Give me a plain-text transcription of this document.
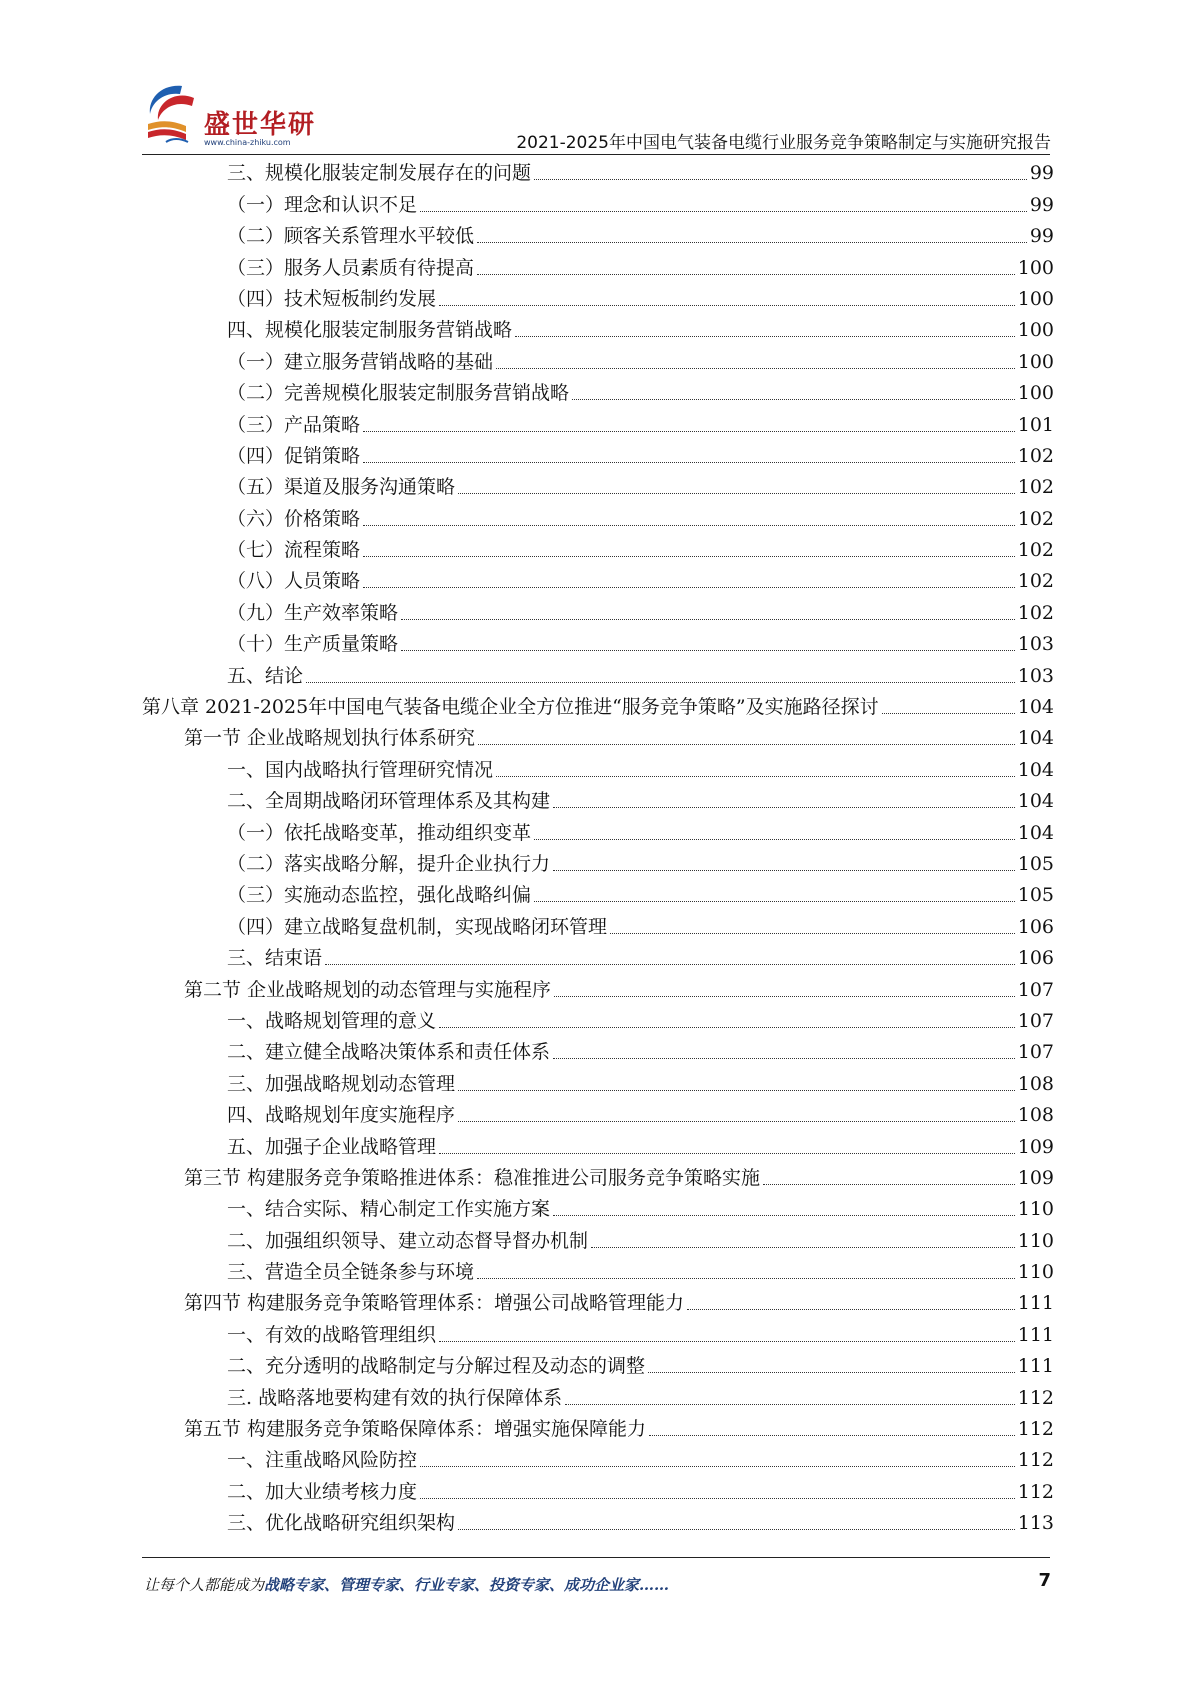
盛世华研
www.china-zhiku.com	2021-2025年中国电气装备电缆行业服务竞争策略制定与实施研究报告
三、规模化服装定制发展存在的问题	99
（一）理念和认识不足	99
（二）顾客关系管理水平较低	99
（三）服务人员素质有待提高	100
（四）技术短板制约发展	100
四、规模化服装定制服务营销战略	100
（一）建立服务营销战略的基础	100
（二）完善规模化服装定制服务营销战略	100
（三）产品策略	101
（四）促销策略	102
（五）渠道及服务沟通策略	102
（六）价格策略	102
（七）流程策略	102
（八）人员策略	102
（九）生产效率策略	102
（十）生产质量策略	103
五、结论	103
第八章 2021-2025年中国电气装备电缆企业全方位推进“服务竞争策略”及实施路径探讨	104
第一节 企业战略规划执行体系研究	104
一、国内战略执行管理研究情况	104
二、全周期战略闭环管理体系及其构建	104
（一）依托战略变革，推动组织变革	104
（二）落实战略分解，提升企业执行力	105
（三）实施动态监控，强化战略纠偏	105
（四）建立战略复盘机制，实现战略闭环管理	106
三、结束语	106
第二节 企业战略规划的动态管理与实施程序	107
一、战略规划管理的意义	107
二、建立健全战略决策体系和责任体系	107
三、加强战略规划动态管理	108
四、战略规划年度实施程序	108
五、加强子企业战略管理	109
第三节 构建服务竞争策略推进体系：稳准推进公司服务竞争策略实施	109
一、结合实际、精心制定工作实施方案	110
二、加强组织领导、建立动态督导督办机制	110
三、营造全员全链条参与环境	110
第四节 构建服务竞争策略管理体系：增强公司战略管理能力	111
一、有效的战略管理组织	111
二、充分透明的战略制定与分解过程及动态的调整	111
三. 战略落地要构建有效的执行保障体系	112
第五节 构建服务竞争策略保障体系：增强实施保障能力	112
一、注重战略风险防控	112
二、加大业绩考核力度	112
三、优化战略研究组织架构	113
让每个人都能成为战略专家、管理专家、行业专家、投资专家、成功企业家……	7
